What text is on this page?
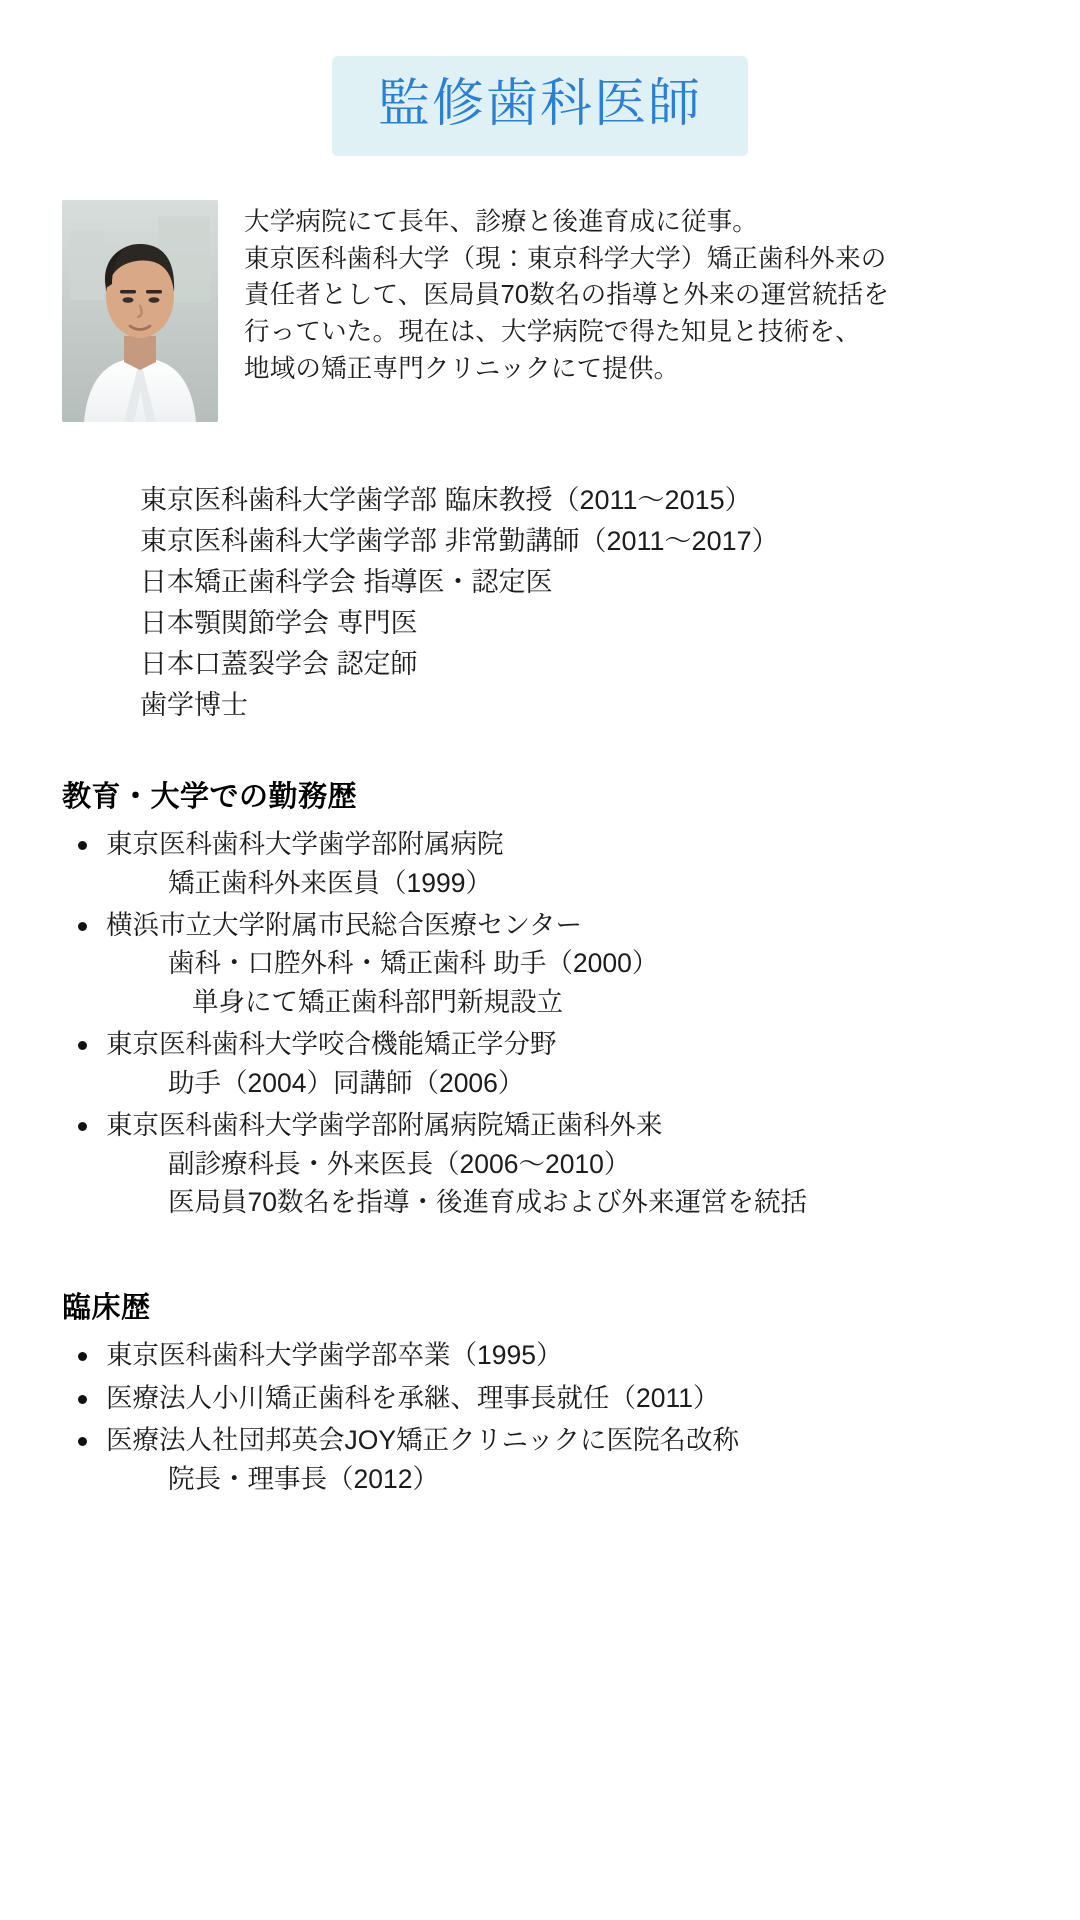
監修歯科医師

大学病院にて長年、診療と後進育成に従事。

東京医科歯科大学（現：東京科学大学）矯正歯科外来の

責任者として、医局員70数名の指導と外来の運営統括を

行っていた。現在は、大学病院で得た知見と技術を、

地域の矯正専門クリニックにて提供。

東京医科歯科大学歯学部 臨床教授（2011〜2015）
東京医科歯科大学歯学部 非常勤講師（2011〜2017）
日本矯正歯科学会 指導医・認定医
日本顎関節学会 専門医
日本口蓋裂学会 認定師
歯学博士
教育・大学での勤務歴
東京医科歯科大学歯学部附属病院
矯正歯科外来医員（1999）
横浜市立大学附属市民総合医療センター
歯科・口腔外科・矯正歯科 助手（2000）
単身にて矯正歯科部門新規設立
東京医科歯科大学咬合機能矯正学分野
助手（2004）同講師（2006）
東京医科歯科大学歯学部附属病院矯正歯科外来
副診療科長・外来医長（2006〜2010）
医局員70数名を指導・後進育成および外来運営を統括
臨床歴
東京医科歯科大学歯学部卒業（1995）
医療法人小川矯正歯科を承継、理事長就任（2011）
医療法人社団邦英会JOY矯正クリニックに医院名改称
院長・理事長（2012）
